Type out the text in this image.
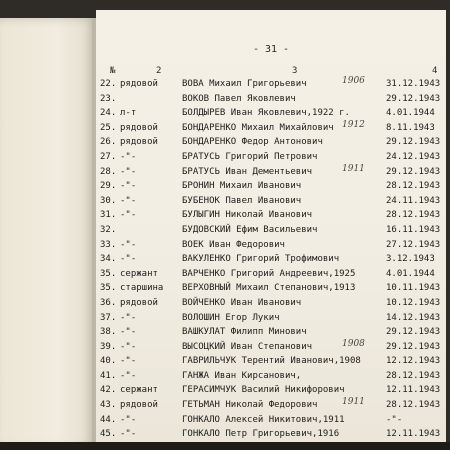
- 31 -
№	2	3	4
22. рядовой	ВОВА Михаил Григорьевич	31.12.1943
1906
23.	ВОКОВ Павел Яковлевич	29.12.1943
24. л-т	БОЛДЫРЕВ Иван Яковлевич,1922 г.	4.01.1944
25. рядовой	БОНДАРЕНКО Михаил Михайлович	8.11.1943
1912
26. рядовой	БОНДАРЕНКО Федор Антонович	29.12.1943
27. -"-	БРАТУСЬ Григорий Петрович	24.12.1943
28. -"-	БРАТУСЬ Иван Дементьевич	29.12.1943
1911
29. -"-	БРОНИН Михаил Иванович	28.12.1943
30. -"-	БУБЕНОК Павел Иванович	24.11.1943
31. -"-	БУЛЫГИН Николай Иванович	28.12.1943
32.	БУДОВСКИЙ Ефим Васильевич	16.11.1943
33. -"-	ВОЕК Иван Федорович	27.12.1943
34. -"-	ВАКУЛЕНКО Григорий Трофимович	3.12.1943
35. сержант	ВАРЧЕНКО Григорий Андреевич,1925	4.01.1944
35. старшина ВЕРХОВНЫЙ Михаил Степанович,1913	10.11.1943
36. рядовой	ВОЙЧЕНКО Иван Иванович	10.12.1943
37. -"-	ВОЛОШИН Егор Лукич	14.12.1943
38. -"-	ВАШКУЛАТ Филипп Минович	29.12.1943
39. -"-	ВЫСОЦКИЙ Иван Степанович	29.12.1943
1908
40. -"-	ГАВРИЛЬЧУК Терентий Иванович,1908	12.12.1943
41. -"-	ГАНЖА Иван Кирсанович,	28.12.1943
42. сержант	ГЕРАСИМЧУК Василий Никифорович	12.11.1943
43. рядовой	ГЕТЬМАН Николай Федорович	28.12.1943
1911
44. -"-	ГОНКАЛО Алексей Никитович,1911	-"-
45. -"-	ГОНКАЛО Петр Григорьевич,1916	12.11.1943
